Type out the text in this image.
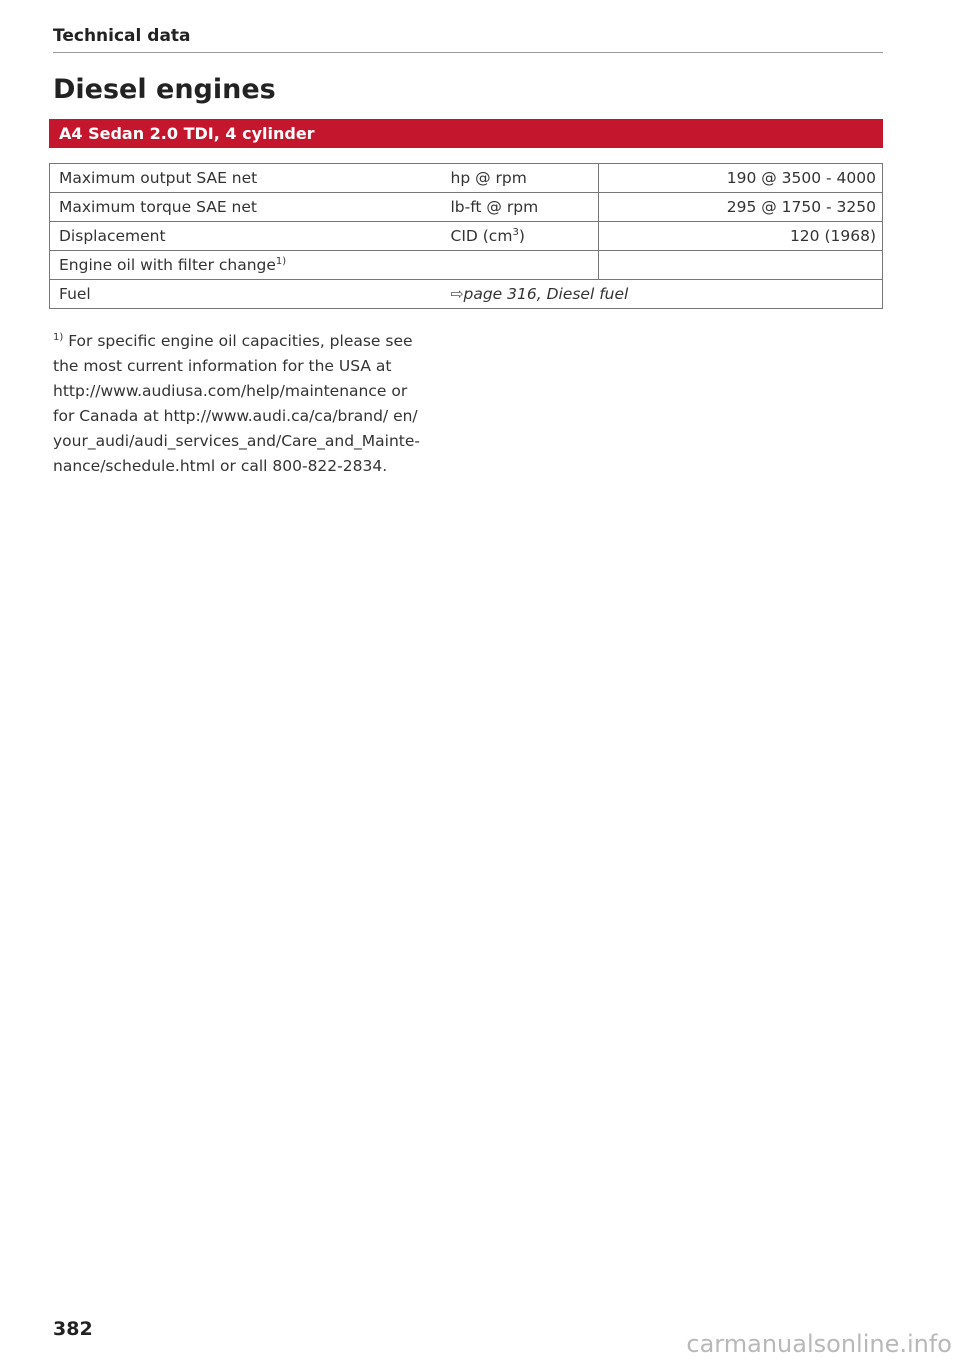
Technical data
Diesel engines
A4 Sedan 2.0 TDI, 4 cylinder
Maximum output SAE net	hp @ rpm	190 @ 3500 - 4000
Maximum torque SAE net	lb-ft @ rpm	295 @ 1750 - 3250
Displacement	CID $(cm^3)$	120 (1968)
Engine oil with filter change$^{1)}$		
Fuel	⇨page 316, Diesel fuel	
$^{1)}$ For specific engine oil capacities, please see
the most current information for the USA at
http://www.audiusa.com/help/maintenance or
for Canada at http://www.audi.ca/ca/brand/ en/
your_audi/audi_services_and/Care_and_Mainte-
nance/schedule.html or call 800-822-2834.
382
carmanualsonline.info
